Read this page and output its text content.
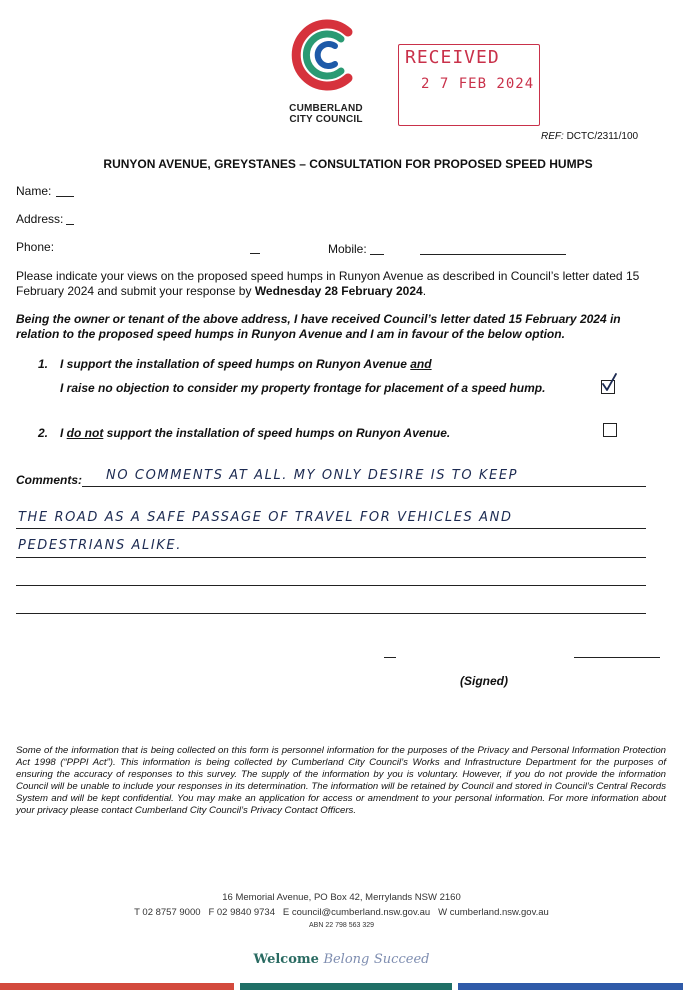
CUMBERLAND
CITY COUNCIL
RECEIVED
2 7 FEB 2024
REF: DCTC/2311/100
RUNYON AVENUE, GREYSTANES – CONSULTATION FOR PROPOSED SPEED HUMPS
Name:
Address:
Phone:	Mobile:
Please indicate your views on the proposed speed humps in Runyon Avenue as described in Council’s letter dated 15 February 2024 and submit your response by Wednesday 28 February 2024.
Being the owner or tenant of the above address, I have received Council’s letter dated 15 February 2024 in relation to the proposed speed humps in Runyon Avenue and I am in favour of the below option.
1. I support the installation of speed humps on Runyon Avenue and
I raise no objection to consider my property frontage for placement of a speed hump.
2. I do not support the installation of speed humps on Runyon Avenue.
Comments: NO COMMENTS AT ALL. MY ONLY DESIRE IS TO KEEP
THE ROAD AS A SAFE PASSAGE OF TRAVEL FOR VEHICLES AND
PEDESTRIANS ALIKE.
(Signed)
Some of the information that is being collected on this form is personnel information for the purposes of the Privacy and Personal Information Protection Act 1998 (“PPPI Act”). This information is being collected by Cumberland City Council’s Works and Infrastructure Department for the purposes of ensuring the accuracy of responses to this survey. The supply of the information by you is voluntary. However, if you do not provide the information Council will be unable to include your responses in its determination. The information will be retained by Council and stored in Council’s Central Records System and will be kept confidential. You may make an application for access or amendment to your personal information. For more information about your privacy please contact Cumberland City Council’s Privacy Contact Officers.
16 Memorial Avenue, PO Box 42, Merrylands NSW 2160
T 02 8757 9000   F 02 9840 9734   E council@cumberland.nsw.gov.au   W cumberland.nsw.gov.au
ABN 22 798 563 329
Welcome Belong Succeed
